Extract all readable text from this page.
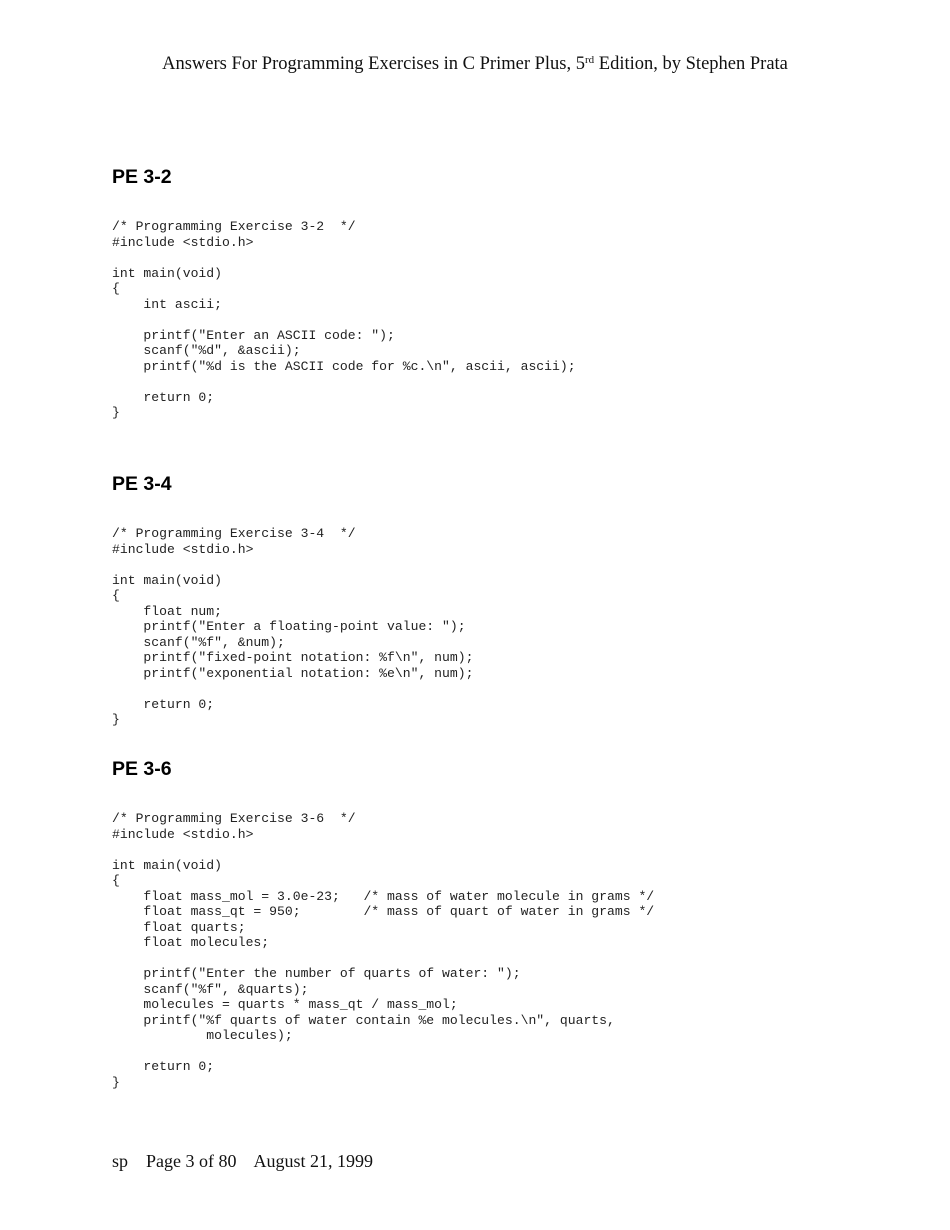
Answers For Programming Exercises in C Primer Plus, 5rd Edition, by Stephen Prata
PE 3-2
/* Programming Exercise 3-2  */
#include <stdio.h>

int main(void)
{
int ascii;

printf("Enter an ASCII code: ");
scanf("%d", &ascii);
printf("%d is the ASCII code for %c.\n", ascii, ascii);

return 0;
}
PE 3-4
/* Programming Exercise 3-4  */
#include <stdio.h>

int main(void)
{
float num;
printf("Enter a floating-point value: ");
scanf("%f", &num);
printf("fixed-point notation: %f\n", num);
printf("exponential notation: %e\n", num);

return 0;
}
PE 3-6
/* Programming Exercise 3-6  */
#include <stdio.h>

int main(void)
{
float mass_mol = 3.0e-23;   /* mass of water molecule in grams */
float mass_qt = 950;        /* mass of quart of water in grams */
float quarts;
float molecules;

printf("Enter the number of quarts of water: ");
scanf("%f", &quarts);
molecules = quarts * mass_qt / mass_mol;
printf("%f quarts of water contain %e molecules.\n", quarts,
molecules);

return 0;
}
sp    Page 3 of 80    August 21, 1999
